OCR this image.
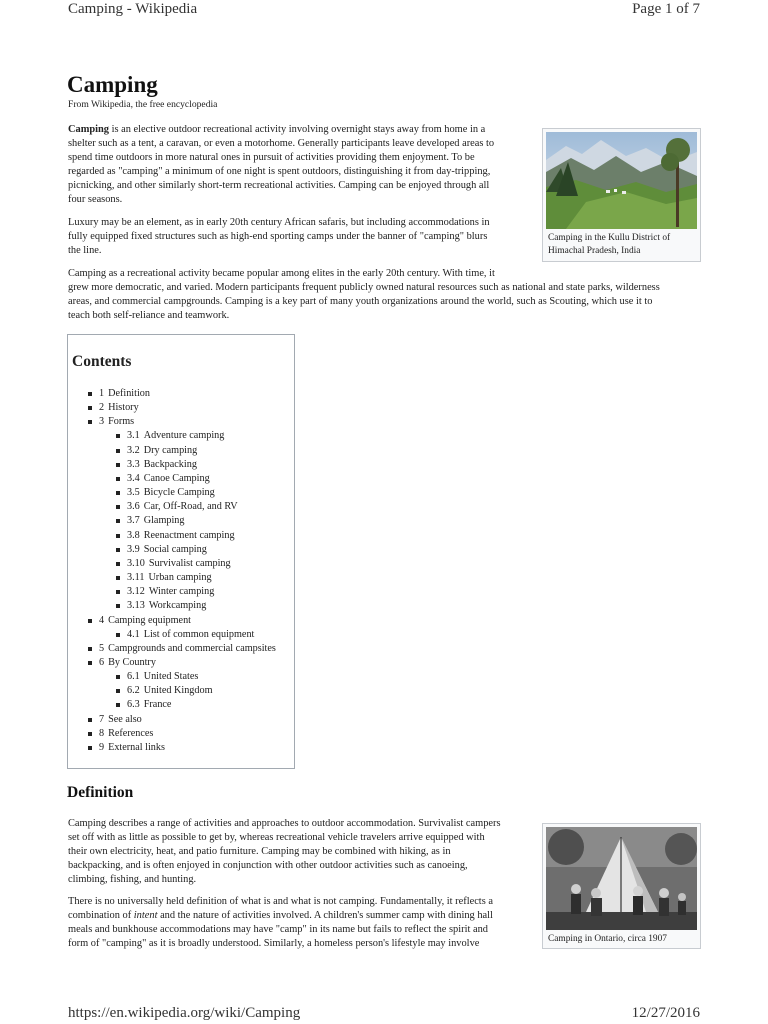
Camping - Wikipedia	Page 1 of 7
Camping
From Wikipedia, the free encyclopedia

Camping is an elective outdoor recreational activity involving overnight stays away from home in a

shelter such as a tent, a caravan, or even a motorhome. Generally participants leave developed areas to

spend time outdoors in more natural ones in pursuit of activities providing them enjoyment. To be

regarded as "camping" a minimum of one night is spent outdoors, distinguishing it from day-tripping,

picnicking, and other similarly short-term recreational activities. Camping can be enjoyed through all

four seasons.

Luxury may be an element, as in early 20th century African safaris, but including accommodations in

fully equipped fixed structures such as high-end sporting camps under the banner of "camping" blurs

the line.

Camping as a recreational activity became popular among elites in the early 20th century. With time, it

grew more democratic, and varied. Modern participants frequent publicly owned natural resources such as national and state parks, wilderness

areas, and commercial campgrounds. Camping is a key part of many youth organizations around the world, such as Scouting, which use it to

teach both self-reliance and teamwork.

Camping in the Kullu District of
Himachal Pradesh, India
Contents
1 Definition
2 History
3 Forms
3.1 Adventure camping
3.2 Dry camping
3.3 Backpacking
3.4 Canoe Camping
3.5 Bicycle Camping
3.6 Car, Off-Road, and RV
3.7 Glamping
3.8 Reenactment camping
3.9 Social camping
3.10 Survivalist camping
3.11 Urban camping
3.12 Winter camping
3.13 Workcamping
4 Camping equipment
4.1 List of common equipment
5 Campgrounds and commercial campsites
6 By Country
6.1 United States
6.2 United Kingdom
6.3 France
7 See also
8 References
9 External links
Definition

Camping describes a range of activities and approaches to outdoor accommodation. Survivalist campers

set off with as little as possible to get by, whereas recreational vehicle travelers arrive equipped with

their own electricity, heat, and patio furniture. Camping may be combined with hiking, as in

backpacking, and is often enjoyed in conjunction with other outdoor activities such as canoeing,

climbing, fishing, and hunting.

There is no universally held definition of what is and what is not camping. Fundamentally, it reflects a

combination of intent and the nature of activities involved. A children's summer camp with dining hall

meals and bunkhouse accommodations may have "camp" in its name but fails to reflect the spirit and

form of "camping" as it is broadly understood. Similarly, a homeless person's lifestyle may involve	Camping in Ontario, circa 1907
https://en.wikipedia.org/wiki/Camping	12/27/2016
